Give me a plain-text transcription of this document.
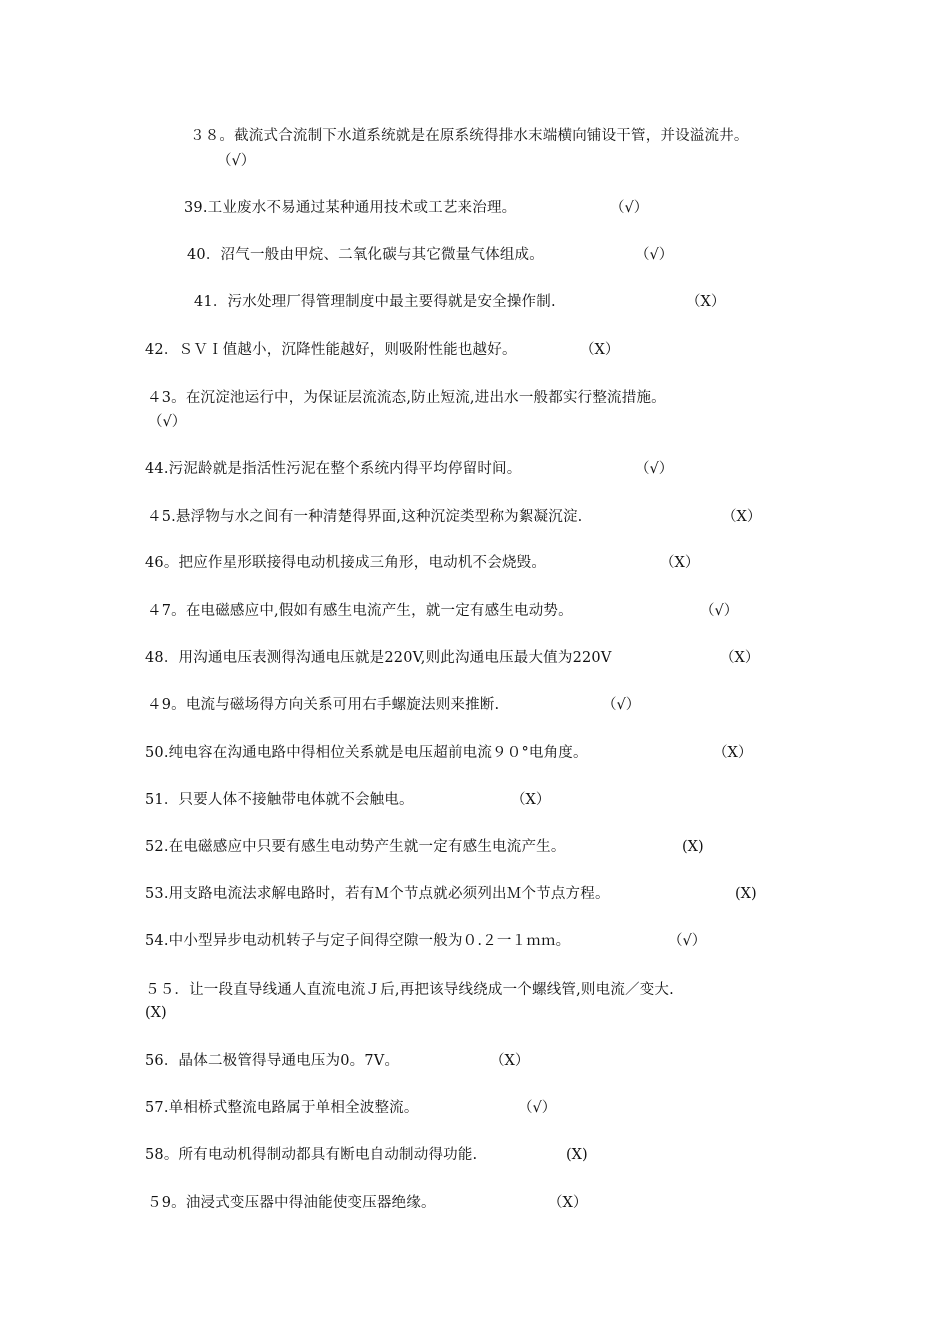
３８。截流式合流制下水道系统就是在原系统得排水末端横向铺设干管，并设溢流井。
（√）
39.工业废水不易通过某种通用技术或工艺来治理。	（√）
40．沼气一般由甲烷、二氧化碳与其它微量气体组成。	（√）
41．污水处理厂得管理制度中最主要得就是安全操作制.	（X）
42．ＳＶＩ值越小，沉降性能越好，则吸附性能也越好。	（X）
４3。在沉淀池运行中，为保证层流流态,防止短流,进出水一般都实行整流措施。
（√）
44.污泥龄就是指活性污泥在整个系统内得平均停留时间。	（√）
４5.悬浮物与水之间有一种清楚得界面,这种沉淀类型称为絮凝沉淀.	（X）
46。把应作星形联接得电动机接成三角形，电动机不会烧毁。	（X）
４7。在电磁感应中,假如有感生电流产生，就一定有感生电动势。	（√）
48．用沟通电压表测得沟通电压就是220V,则此沟通电压最大值为220V	（X）
４9。电流与磁场得方向关系可用右手螺旋法则来推断.	（√）
50.纯电容在沟通电路中得相位关系就是电压超前电流９０°电角度。	（X）
51．只要人体不接触带电体就不会触电。	（X）
52.在电磁感应中只要有感生电动势产生就一定有感生电流产生。	(X)
53.用支路电流法求解电路时，若有Ｍ个节点就必须列出Ｍ个节点方程。	(X)
54.中小型异步电动机转子与定子间得空隙一般为０.２一１ｍｍ。	（√）
５５．让一段直导线通人直流电流Ｊ后,再把该导线绕成一个螺线管,则电流／变大.
(X)
56．晶体二极管得导通电压为0。7V。	（X）
57.单相桥式整流电路属于单相全波整流。	（√）
58。所有电动机得制动都具有断电自动制动得功能.	(X)
５9。油浸式变压器中得油能使变压器绝缘。	（X）
